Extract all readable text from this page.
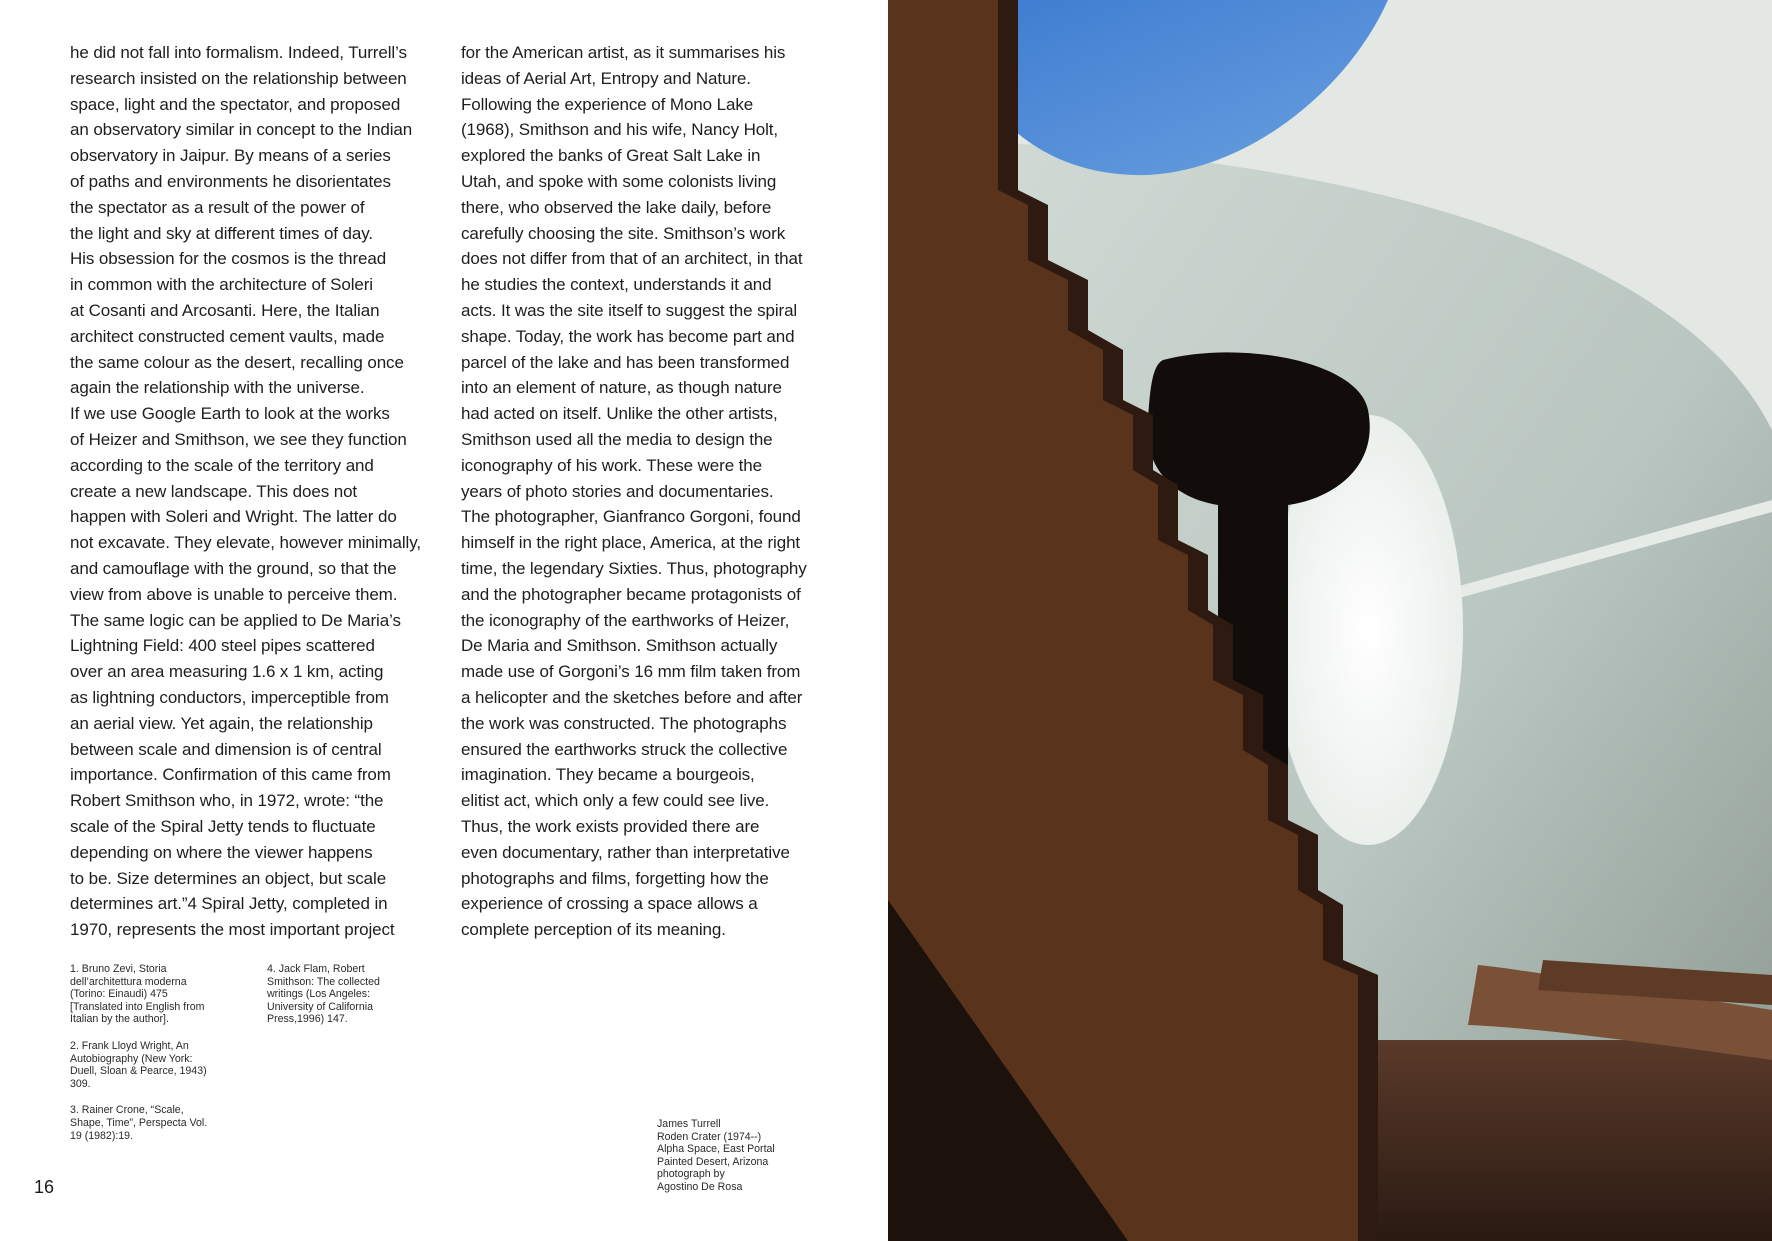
he did not fall into formalism. Indeed, Turrell’s
research insisted on the relationship between
space, light and the spectator, and proposed
an observatory similar in concept to the Indian
observatory in Jaipur. By means of a series
of paths and environments he disorientates
the spectator as a result of the power of
the light and sky at different times of day.
His obsession for the cosmos is the thread
in common with the architecture of Soleri
at Cosanti and Arcosanti. Here, the Italian
architect constructed cement vaults, made
the same colour as the desert, recalling once
again the relationship with the universe.
If we use Google Earth to look at the works
of Heizer and Smithson, we see they function
according to the scale of the territory and
create a new landscape. This does not
happen with Soleri and Wright. The latter do
not excavate. They elevate, however minimally,
and camouflage with the ground, so that the
view from above is unable to perceive them.
The same logic can be applied to De Maria’s
Lightning Field: 400 steel pipes scattered
over an area measuring 1.6 x 1 km, acting
as lightning conductors, imperceptible from
an aerial view. Yet again, the relationship
between scale and dimension is of central
importance. Confirmation of this came from
Robert Smithson who, in 1972, wrote: “the
scale of the Spiral Jetty tends to fluctuate
depending on where the viewer happens
to be. Size determines an object, but scale
determines art.”4 Spiral Jetty, completed in
1970, represents the most important project
for the American artist, as it summarises his
ideas of Aerial Art, Entropy and Nature.
Following the experience of Mono Lake
(1968), Smithson and his wife, Nancy Holt,
explored the banks of Great Salt Lake in
Utah, and spoke with some colonists living
there, who observed the lake daily, before
carefully choosing the site. Smithson’s work
does not differ from that of an architect, in that
he studies the context, understands it and
acts. It was the site itself to suggest the spiral
shape. Today, the work has become part and
parcel of the lake and has been transformed
into an element of nature, as though nature
had acted on itself. Unlike the other artists,
Smithson used all the media to design the
iconography of his work. These were the
years of photo stories and documentaries.
The photographer, Gianfranco Gorgoni, found
himself in the right place, America, at the right
time, the legendary Sixties. Thus, photography
and the photographer became protagonists of
the iconography of the earthworks of Heizer,
De Maria and Smithson. Smithson actually
made use of Gorgoni’s 16 mm film taken from
a helicopter and the sketches before and after
the work was constructed. The photographs
ensured the earthworks struck the collective
imagination. They became a bourgeois,
elitist act, which only a few could see live.
Thus, the work exists provided there are
even documentary, rather than interpretative
photographs and films, forgetting how the
experience of crossing a space allows a
complete perception of its meaning.
1. Bruno Zevi, Storia
dell’architettura moderna
(Torino: Einaudi) 475
[Translated into English from
Italian by the author].
2. Frank Lloyd Wright, An
Autobiography (New York:
Duell, Sloan & Pearce, 1943)
309.
3. Rainer Crone, “Scale,
Shape, Time”, Perspecta Vol.
19 (1982):19.
4. Jack Flam, Robert
Smithson: The collected
writings (Los Angeles:
University of California
Press,1996) 147.
James Turrell
Roden Crater (1974--)
Alpha Space, East Portal
Painted Desert, Arizona
photograph by
Agostino De Rosa
16
